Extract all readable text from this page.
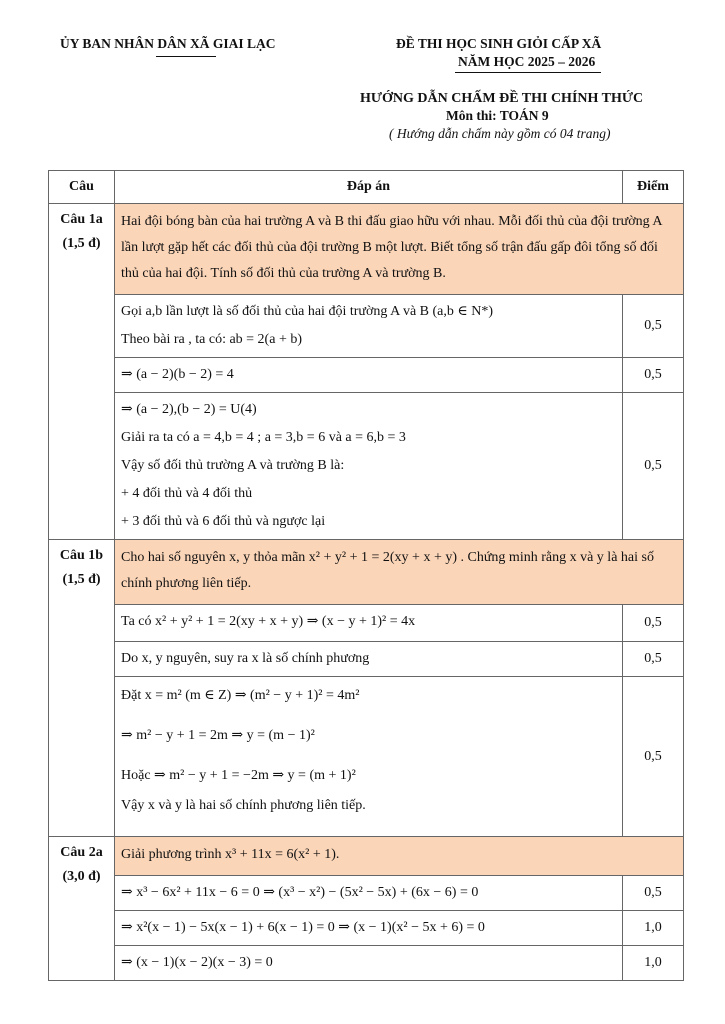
ỦY BAN NHÂN DÂN XÃ GIAI LẠC	ĐỀ THI HỌC SINH GIỎI CẤP XÃ
NĂM HỌC 2025 – 2026
HƯỚNG DẪN CHẤM ĐỀ THI CHÍNH THỨC
Môn thi: TOÁN 9
( Hướng dẫn chấm này gồm có 04 trang)
Câu	Đáp án	Điểm

Câu 1a
(1,5 đ)	Hai đội bóng bàn của hai trường A và B thi đấu giao hữu với nhau. Mỗi đối thủ của đội trường A lần lượt gặp hết các đối thủ của đội trường B một lượt. Biết tổng số trận đấu gấp đôi tổng số đối thủ của hai đội. Tính số đối thủ của trường A và trường B.	

	Gọi a,b lần lượt là số đối thủ của hai đội trường A và B (a,b ∈ N*)
Theo bài ra , ta có: ab = 2(a + b)	0,5

	⇒ (a − 2)(b − 2) = 4	0,5

	⇒ (a − 2),(b − 2) = U(4)
Giải ra ta có a = 4,b = 4 ; a = 3,b = 6 và a = 6,b = 3
Vậy số đối thủ trường A và trường B là:
+ 4 đối thủ và 4 đối thủ
+ 3 đối thủ và 6 đối thủ và ngược lại	0,5

Câu 1b
(1,5 đ)	Cho hai số nguyên x, y thỏa mãn x² + y² + 1 = 2(xy + x + y) . Chứng minh rằng x và y là hai số chính phương liên tiếp.	

	Ta có x² + y² + 1 = 2(xy + x + y) ⇒ (x − y + 1)² = 4x	0,5

	Do x, y nguyên, suy ra x là số chính phương	0,5

	Đặt x = m² (m ∈ Z) ⇒ (m² − y + 1)² = 4m²
⇒ m² − y + 1 = 2m ⇒ y = (m − 1)²
Hoặc ⇒ m² − y + 1 = −2m ⇒ y = (m + 1)²
Vậy x và y là hai số chính phương liên tiếp.	0,5

Câu 2a
(3,0 đ)	Giải phương trình x³ + 11x = 6(x² + 1).	

	⇒ x³ − 6x² + 11x − 6 = 0 ⇒ (x³ − x²) − (5x² − 5x) + (6x − 6) = 0	0,5

	⇒ x²(x − 1) − 5x(x − 1) + 6(x − 1) = 0 ⇒ (x − 1)(x² − 5x + 6) = 0	1,0

	⇒ (x − 1)(x − 2)(x − 3) = 0	1,0
